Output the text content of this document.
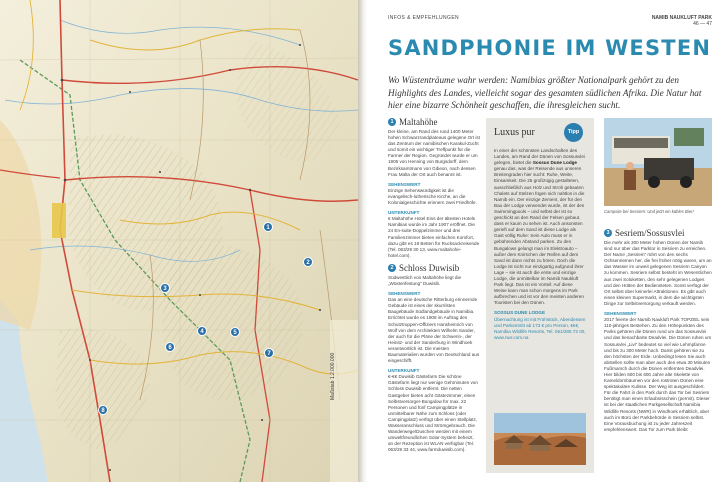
1
2
3
4	5
6
7
8
Maßstab 1:2.000.000
INFOS & EMPFEHLUNGEN	NAMIB NAUKLUFT PARK
46 — 47
SANDPHONIE IM WESTEN

Wo Wüstenträume wahr werden: Namibias größter Nationalpark gehört zu den Highlights des Landes, vielleicht sogar des gesamten südlichen Afrika. Die Natur hat hier eine bizarre Schönheit geschaffen, die ihresgleichen sucht.

1 Maltahöhe

Der kleine, am Rand des rund 1400 Meter hohen Schwarzrandplateaus gelegene Ort ist das Zentrum der namibischen Karakul-Zucht und somit ein wichtiger Treffpunkt für die Farmer der Region. Gegründet wurde er um 1905 von Henning von Burgsdorff, dem Bezirksamtmann von Gibeon, nach dessen Frau Malta der Ort auch benannt ist.

SEHENSWERT

Einzige Sehenswürdigkeit ist die evangelisch-lutherische Kirche, an die Kolonialgeschichte erinnern zwei Friedhöfe.

UNTERKUNFT

€ Maltahöhe Hotel Eins der ältesten Hotels Namibias wurde im Jahr 1907 eröffnet. Die 24 En-suite-Doppelzimmer und drei Familienzimmer bieten einfachen Komfort, dazu gibt es 18 Betten für Rucksackreisende (Tel. 063/29 30 13, www.maltahohe-hotel.com).

2 Schloss Duwisib

Südwestlich von Maltahöhe liegt die „Wüstenfestung“ Duwisib.

SEHENSWERT

Das an eine deutsche Ritterburg erinnernde Gebäude ist eines der skurrilsten Baugebäude Südlandgebäude in Namibia. Errichtet wurde es 1908 im Auftrag des Schutztruppen-Offiziers Hansheinrich von Wolf von dem Architekten Wilhelm Sander, der auch für die Pläne der Schwerin-, der Heinitz- und der Sanderburg in Windhoek verantwortlich ist. Die meisten Baumaterialien wurden von Deutschland aus eingeschifft.

UNTERKUNFT

€-€€ Duwisib Gästefarm Die schöne Gästefarm liegt nur wenige Gehminuten von Schloss Duwisib entfernt. Die netten Gastgeber bieten acht Gästezimmer, einen Selbstversorger-Bungalow für max. 22 Personen und fünf Campingplätze in unmittelbarer Nähe zum Schloss (oder Campingplatz) verfügt über einen Stellplatz, Wasseranschluss und Strömgebrauch. Die Wanderwege/Duschen werden mit einem umweltfreundlichen Solar-System beheizt, an der Rezeption ist WLAN verfügbar (Tel. 063/29 33 44, www.farmduwisib.com).

Luxus pur	Tipp
In einer der schönsten Landschaften des Landes, am Rand der Dünen von Sossusvlei gelegen, bietet die Sossus Dune Lodge genau das, was der Reisende aus unseren Breitengraden hier sucht: Ruhe, Weite, Einsamkeit. Die 25 großzügig gestalteten, ausschließlich aus Holz und Stroh gebauten Chalets auf Stelzen fügen sich nahtlos in die Namib ein. Der einzige Zement, der für den Bau der Lodge verwendet wurde, ist der des Swimmingpools – und selbst der ist so geschickt an den Rand der Felsen gebaut, dass er kaum zu sehen ist. Auch ansonsten gerieft auf dem Sand ist diese Lodge als Gast völlig Ruhe: Sein Auto muss er in gebührenden Abstand parken. Zu den Bungalows gelangt man im Elektroauto – außer dem Knirschen der Reifen auf dem Sand ist dann nichts zu hören. Doch die Lodge ist nicht nur einzigartig aufgrund ihrer Lage – sie ist auch die erste und einzige Lodge, die unmittelbar im Namib Naukluft Park liegt. Das ist ein Vorteil: Auf diese Weise kann man schon morgens im Park aufbrechen und ist vor den meisten anderen Touristen bei den Dünen.
SOSSUS DUNE LODGE
Übernachtung ist mit Frühstück, Abendessen und Parkeintritt ab 173 € pro Person, €€€, Namibia Wildlife Resorts, Tel. 061/285 72 00, www.nwr.com.na
Campsite bei Sesriem: Und jetzt ein kühles Bier!
3 Sesriem/Sossusvlei

Die mehr als 300 Meter hohen Dünen der Namib sind nur über das Parktor in Sesriem zu erreichen. Der Name „Sesriem“ rührt von den sechs Ochsenriemen her, die frei früher nötig waren, um an das Wasser im unweit gelegenen Sesriem Canyon zu kommen. Sesriem selbst besteht im Wesentlichen aus zwei Soloketten, den sehr gelegenen Lodges und den Hütten der Bediensteten. Sonst verfügt der Ort selbst über keinerlei Attraktionen. Es gibt auch einen kleinen Supermarkt, in dem die wichtigsten Dinge zur Selbstversorgung verkauft werden.

SEHENSWERT

2017 feierte der Namib Naukluft Park TOPZIEL sein 110-jähriges Bestehen. Zu den Höhepunkten des Parks gehören die Dünen rund um das Sossusvlei und das benachbarte Deadvlei. Die Dünen ruhen um Sossusvlei „Livi“ bedeutet so viel wie Lehmpfanne und bis zu 300 Meter hoch. Damit gehören sie zu den höchsten der Erde. Unbedingt lesen Sie auch abstellen sollte man aber auch den etwa 30 Minuten Fußmarsch durch die Dünen entfernten Deadvlei. Hier bilden 500 bis 600 Jahre alte Skelette von Kameldornbäumen vor den rostroten Dünen eine spektakuläre Kulisse. Der Weg ist ausgeschildert. Für die Fahrt in den Park durch das Tor bei Sesriem benötigt man einen Erlaubnisschein (permit). Dieser ist bei der staatlichen Parkgesellschaft Namibia Wildlife Resorts (NWR) in Windhoek erhältlich, aber auch im Büro der Parkbehörde in Sesriem selbst. Eine Vorausbuchung ist zu jeder Jahreszeit empfehlenswert. Das Tor zum Park bleibt
